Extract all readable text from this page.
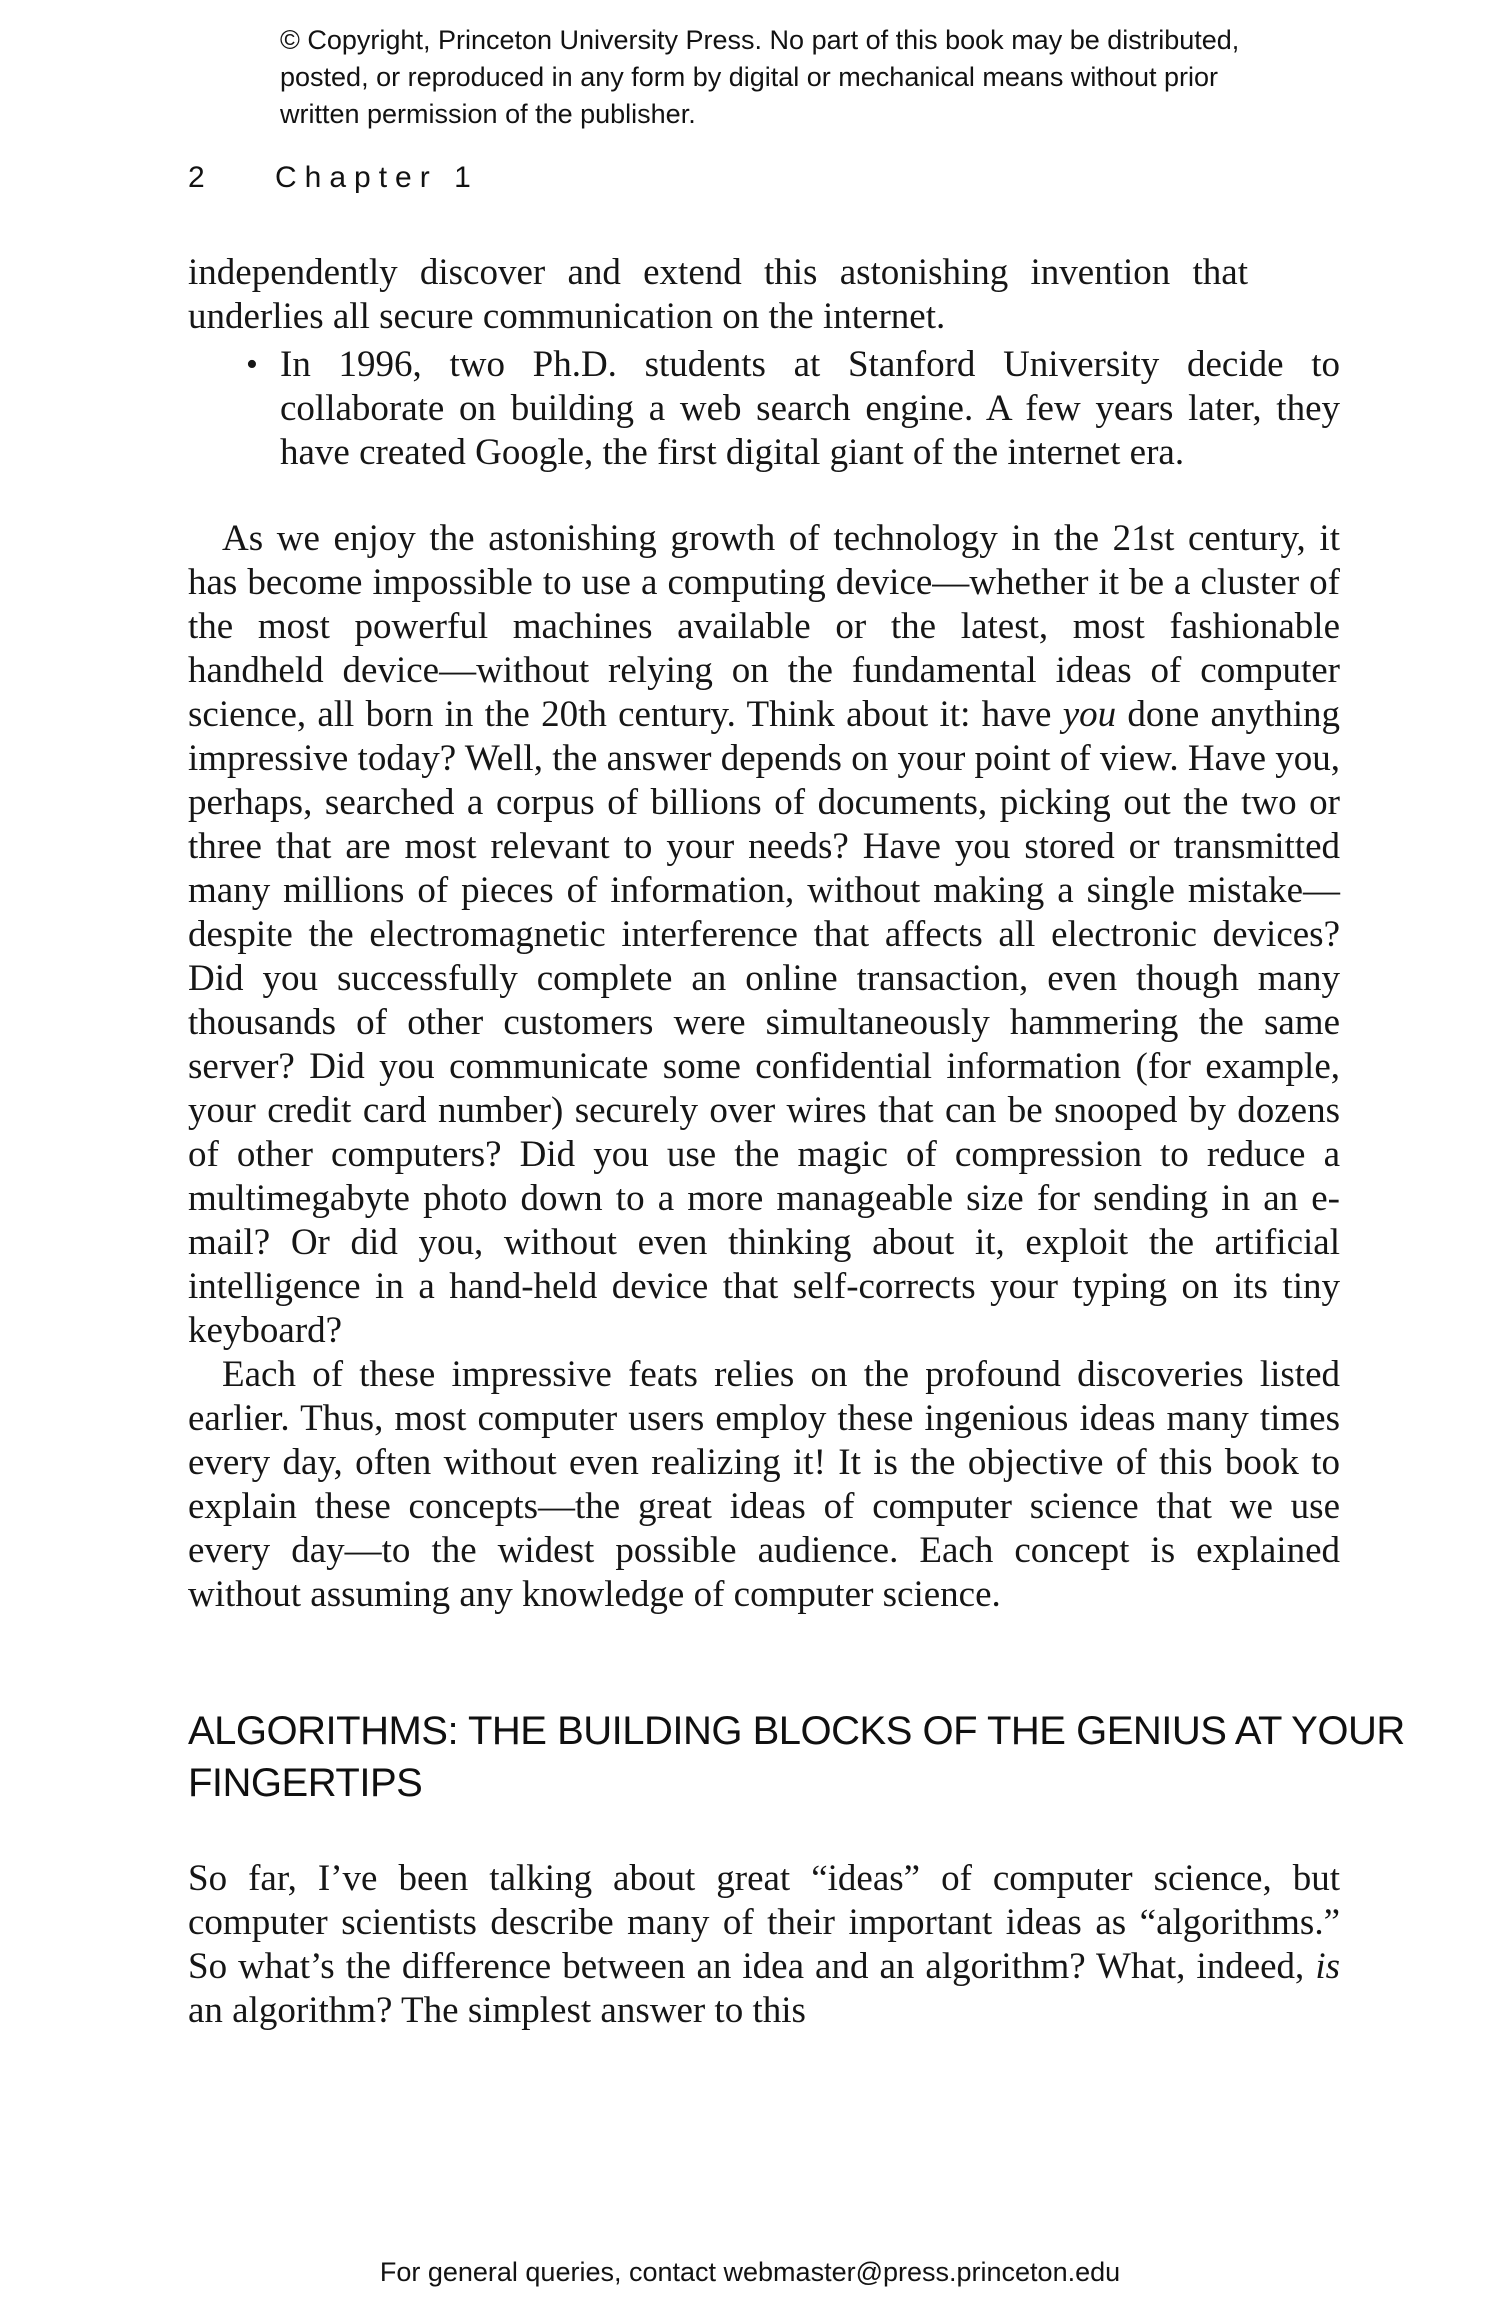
© Copyright, Princeton University Press. No part of this book may be distributed, posted, or reproduced in any form by digital or mechanical means without prior written permission of the publisher.
2 Chapter 1
independently discover and extend this astonishing invention that underlies all secure communication on the internet.
• In 1996, two Ph.D. students at Stanford University decide to collaborate on building a web search engine. A few years later, they have created Google, the first digital giant of the internet era.

As we enjoy the astonishing growth of technology in the 21st century, it has become impossible to use a computing device—whether it be a cluster of the most powerful machines available or the latest, most fashionable handheld device—without relying on the fundamental ideas of computer science, all born in the 20th century. Think about it: have you done anything impressive today? Well, the answer depends on your point of view. Have you, perhaps, searched a corpus of billions of documents, picking out the two or three that are most relevant to your needs? Have you stored or transmitted many millions of pieces of information, without making a single mistake—despite the electromagnetic interference that affects all electronic devices? Did you successfully complete an online transaction, even though many thousands of other customers were simultaneously hammering the same server? Did you communicate some confidential information (for example, your credit card number) securely over wires that can be snooped by dozens of other computers? Did you use the magic of compression to reduce a multimegabyte photo down to a more manageable size for sending in an e-mail? Or did you, without even thinking about it, exploit the artificial intelligence in a hand-held device that self-corrects your typing on its tiny keyboard?

Each of these impressive feats relies on the profound discoveries listed earlier. Thus, most computer users employ these ingenious ideas many times every day, often without even realizing it! It is the objective of this book to explain these concepts—the great ideas of computer science that we use every day—to the widest possible audience. Each concept is explained without assuming any knowledge of computer science.

ALGORITHMS: THE BUILDING BLOCKS OF THE GENIUS AT YOUR FINGERTIPS

So far, I’ve been talking about great “ideas” of computer science, but computer scientists describe many of their important ideas as “algorithms.” So what’s the difference between an idea and an algorithm? What, indeed, is an algorithm? The simplest answer to this

For general queries, contact webmaster@press.princeton.edu
